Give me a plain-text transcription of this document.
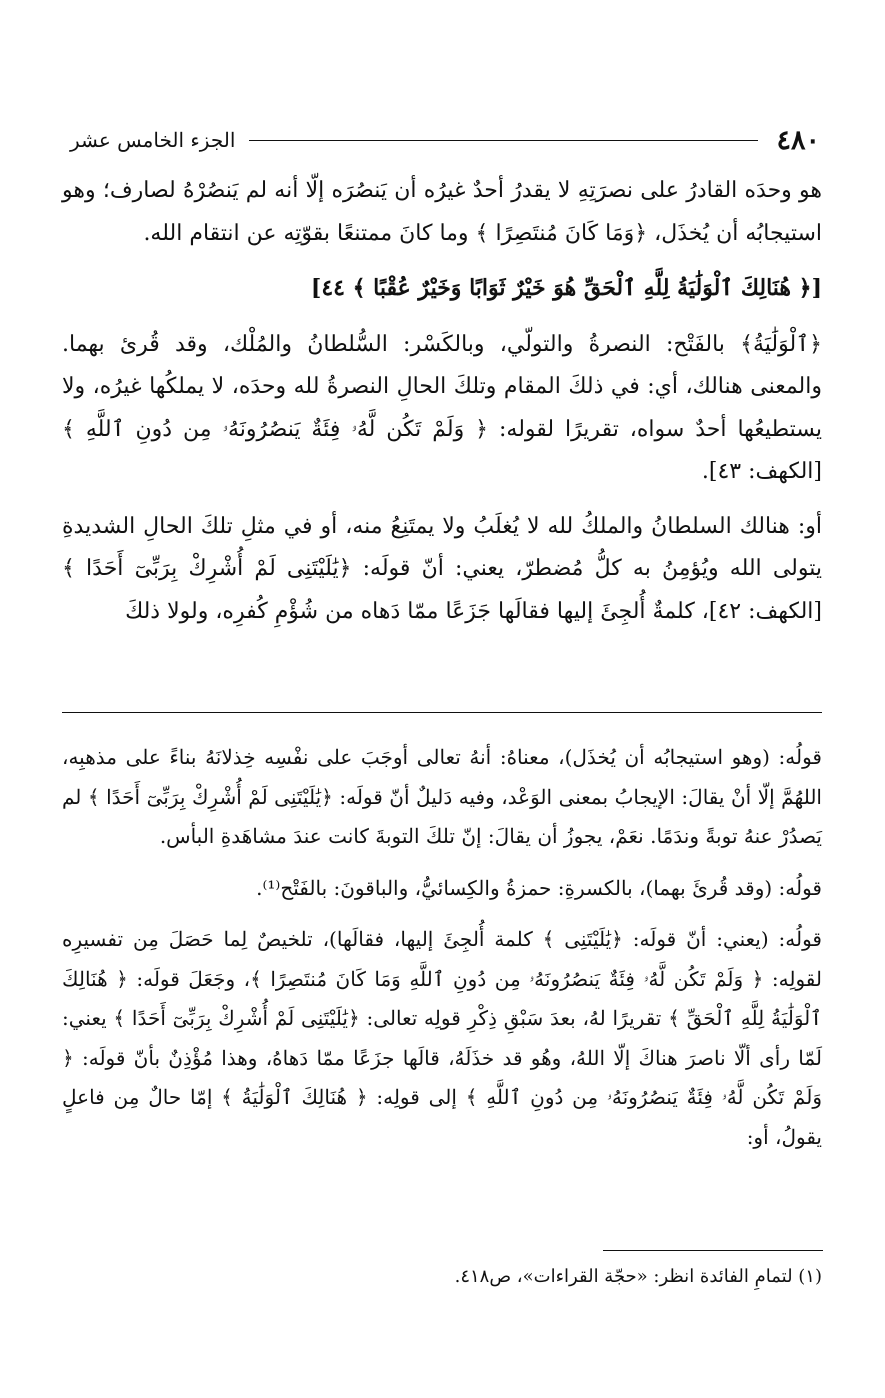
٤٨٠
الجزء الخامس عشر

هو وحدَه القادرُ على نصرَتِهِ لا يقدرُ أحدٌ غيرُه أن يَنصُرَه إلّا أنه لم يَنصُرْهُ لصارف؛ وهو استيجابُه أن يُخذَل، ﴿وَمَا كَانَ مُنتَصِرًا ﴾ وما كانَ ممتنعًا بقوّتِه عن انتقام الله.

[﴿ هُنَالِكَ ٱلْوَلَٰيَةُ لِلَّهِ ٱلْحَقِّ هُوَ خَيْرٌ ثَوَابًا وَخَيْرٌ عُقْبًا ﴾ ٤٤]

﴿ٱلْوَلَٰيَةُ﴾ بالفَتْح: النصرةُ والتولّي، وبالكَسْر: السُّلطانُ والمُلْك، وقد قُرئ بهما. والمعنى هنالك، أي: في ذلكَ المقام وتلكَ الحالِ النصرةُ لله وحدَه، لا يملكُها غيرُه، ولا يستطيعُها أحدٌ سواه، تقريرًا لقوله: ﴿ وَلَمْ تَكُن لَّهُۥ فِئَةٌ يَنصُرُونَهُۥ مِن دُونِ ٱللَّهِ ﴾ [الكهف: ٤٣].

أو: هنالك السلطانُ والملكُ لله لا يُغلَبُ ولا يمتَنِعُ منه، أو في مثلِ تلكَ الحالِ الشديدةِ يتولى الله ويُؤمِنُ به كلُّ مُضطرّ، يعني: أنّ قولَه: ﴿يَٰلَيْتَنِى لَمْ أُشْرِكْ بِرَبِّىٓ أَحَدًا ﴾ [الكهف: ٤٢]، كلمةٌ أُلجِئَ إليها فقالَها جَزَعًا ممّا دَهاه من شُؤْمِ كُفرِه، ولولا ذلكَ

قولُه: (وهو استيجابُه أن يُخذَل)، معناهُ: أنهُ تعالى أوجَبَ على نفْسِه خِذلانَهُ بناءً على مذهبِه، اللهُمَّ إلّا أنْ يقالَ: الإيجابُ بمعنى الوَعْد، وفيه دَليلٌ أنّ قولَه: ﴿يَٰلَيْتَنِى لَمْ أُشْرِكْ بِرَبِّىٓ أَحَدًا ﴾ لم يَصدُرْ عنهُ توبةً وندَمًا. نعَمْ، يجوزُ أن يقالَ: إنّ تلكَ التوبةَ كانت عندَ مشاهَدةِ البأس.

قولُه: (وقد قُرئَ بهما)، بالكسرةِ: حمزةُ والكِسائيُّ، والباقونَ: بالفَتْح⁽¹⁾.

قولُه: (يعني: أنّ قولَه: ﴿يَٰلَيْتَنِى ﴾ كلمة أُلجِئَ إليها، فقالَها)، تلخيصٌ لِما حَصَلَ مِن تفسيرِه لقولِه: ﴿ وَلَمْ تَكُن لَّهُۥ فِئَةٌ يَنصُرُونَهُۥ مِن دُونِ ٱللَّهِ وَمَا كَانَ مُنتَصِرًا ﴾، وجَعَلَ قولَه: ﴿ هُنَالِكَ ٱلْوَلَٰيَةُ لِلَّهِ ٱلْحَقِّ ﴾ تقريرًا لهُ، بعدَ سَبْقِ ذِكْرِ قولِه تعالى: ﴿يَٰلَيْتَنِى لَمْ أُشْرِكْ بِرَبِّىٓ أَحَدًا ﴾ يعني: لَمّا رأى ألّا ناصرَ هناكَ إلّا اللهُ، وهُو قد خذَلَهُ، قالَها جزَعًا ممّا دَهاهُ، وهذا مُؤْذِنٌ بأنّ قولَه: ﴿ وَلَمْ تَكُن لَّهُۥ فِئَةٌ يَنصُرُونَهُۥ مِن دُونِ ٱللَّهِ ﴾ إلى قولِه: ﴿ هُنَالِكَ ٱلْوَلَٰيَةُ ﴾ إمّا حالٌ مِن فاعلٍ يقولُ، أو:

(١) لتمامِ الفائدة انظر: «حجّة القراءات»، ص٤١٨.
